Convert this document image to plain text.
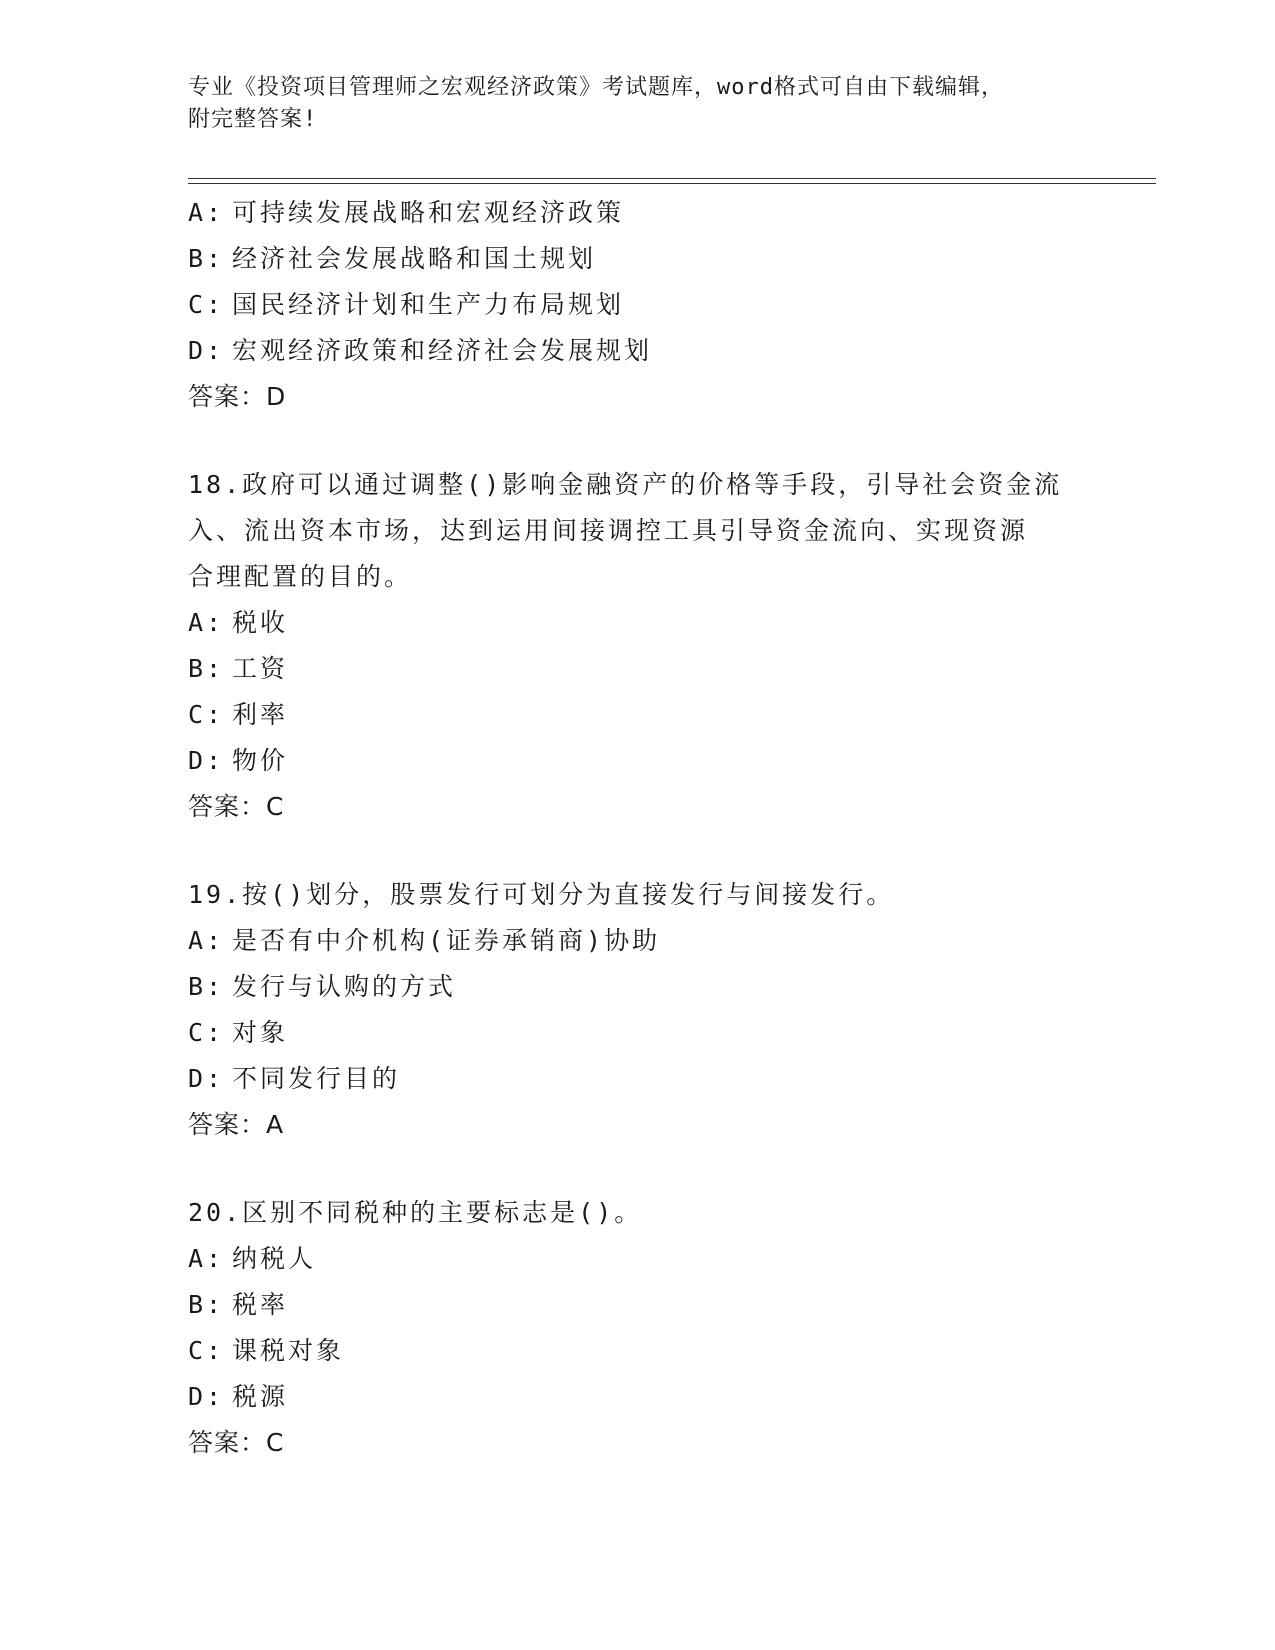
专业《投资项目管理师之宏观经济政策》考试题库，word格式可自由下载编辑，
附完整答案!
A: 可持续发展战略和宏观经济政策
B: 经济社会发展战略和国土规划
C: 国民经济计划和生产力布局规划
D: 宏观经济政策和经济社会发展规划
答案：D
18.政府可以通过调整()影响金融资产的价格等手段，引导社会资金流
入、流出资本市场，达到运用间接调控工具引导资金流向、实现资源
合理配置的目的。
A: 税收
B: 工资
C: 利率
D: 物价
答案：C
19.按()划分，股票发行可划分为直接发行与间接发行。
A: 是否有中介机构(证券承销商)协助
B: 发行与认购的方式
C: 对象
D: 不同发行目的
答案：A
20.区别不同税种的主要标志是()。
A: 纳税人
B: 税率
C: 课税对象
D: 税源
答案：C
